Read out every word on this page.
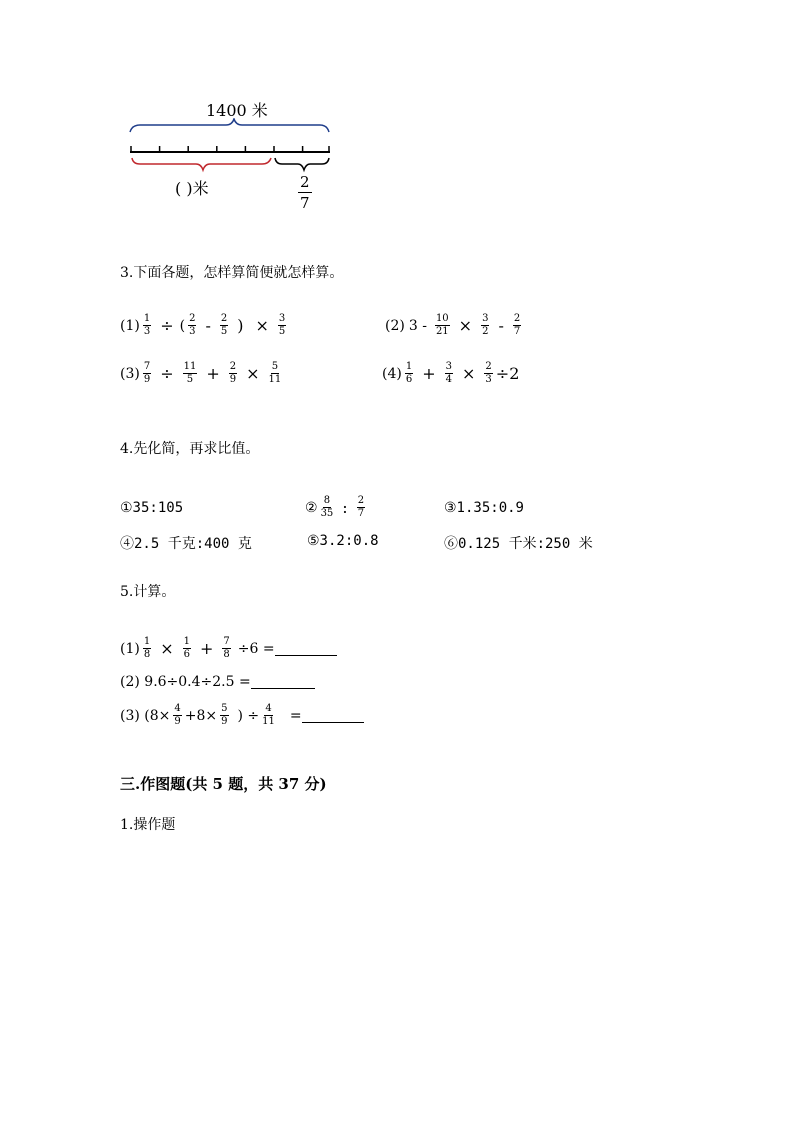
1400 米
( )米	$\frac{2}{7}$
3.下面各题，怎样算简便就怎样算。
$(1) \frac{1}{3}$ ÷ ( $\frac{2}{3} - \frac{2}{5}$ ) × $\frac{3}{5}$	(2) $3 - \frac{10}{21} \times \frac{3}{2} - \frac{2}{7}$
$(3) \frac{7}{9} \div \frac{11}{5} + \frac{2}{9} \times \frac{5}{11}$	$(4) \frac{1}{6} + \frac{3}{4} \times \frac{2}{3} \div 2$
4.先化简，再求比值。
①35:105	② $\frac{8}{35}$ : $\frac{2}{7}$	③1.35:0.9
④2.5 千克:400 克	⑤3.2:0.8	⑥0.125 千米:250 米
5.计算。
$(1) \frac{1}{8} \times \frac{1}{6} + \frac{7}{8} \div 6$ =
(2) 9.6÷0.4÷2.5 =
(3) ($8\times \frac{4}{9} +8\times \frac{5}{9}$ ) ÷ $\frac{4}{11}$ =
三.作图题(共 5 题，共 37 分)
1.操作题
